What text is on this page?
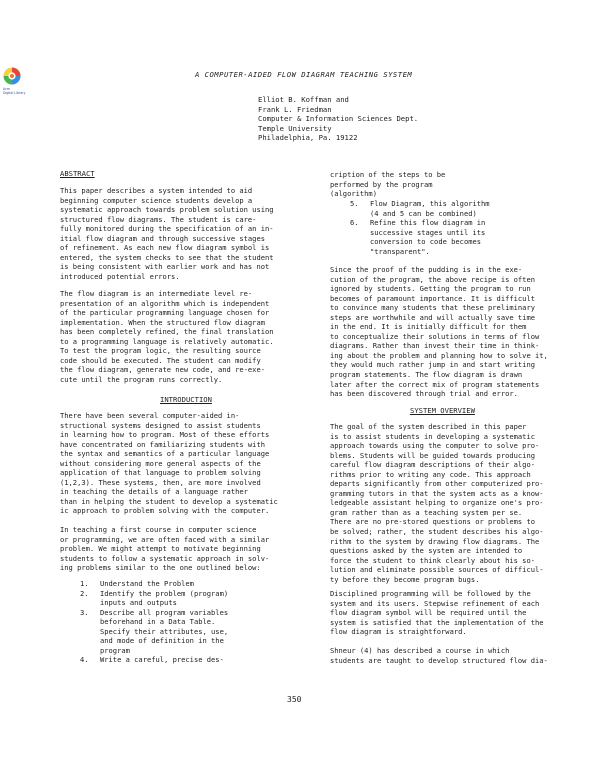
Acm
Digital Library
A COMPUTER-AIDED FLOW DIAGRAM TEACHING SYSTEM
Elliot B. Koffman and
Frank L. Friedman
Computer & Information Sciences Dept.
Temple University
Philadelphia, Pa. 19122
ABSTRACT
This paper describes a system intended to aid
beginning computer science students develop a
systematic approach towards problem solution using
structured flow diagrams. The student is care-
fully monitored during the specification of an in-
itial flow diagram and through successive stages
of refinement. As each new flow diagram symbol is
entered, the system checks to see that the student
is being consistent with earlier work and has not
introduced potential errors.
The flow diagram is an intermediate level re-
presentation of an algorithm which is independent
of the particular programming language chosen for
implementation. When the structured flow diagram
has been completely refined, the final translation
to a programming language is relatively automatic.
To test the program logic, the resulting source
code should be executed. The student can modify
the flow diagram, generate new code, and re-exe-
cute until the program runs correctly.
INTRODUCTION
There have been several computer-aided in-
structional systems designed to assist students
in learning how to program. Most of these efforts
have concentrated on familiarizing students with
the syntax and semantics of a particular language
without considering more general aspects of the
application of that language to problem solving
(1,2,3). These systems, then, are more involved
in teaching the details of a language rather
than in helping the student to develop a systematic
ic approach to problem solving with the computer.
In teaching a first course in computer science
or programming, we are often faced with a similar
problem. We might attempt to motivate beginning
students to follow a systematic approach in solv-
ing problems similar to the one outlined below:
1. Understand the Problem
2. Identify the problem (program)
inputs and outputs
3. Describe all program variables
beforehand in a Data Table.
Specify their attributes, use,
and mode of definition in the
program
4. Write a careful, precise des-
cription of the steps to be
performed by the program
(algorithm)
5. Flow Diagram, this algorithm
(4 and 5 can be combined)
6. Refine this flow diagram in
successive stages until its
conversion to code becomes
"transparent".
Since the proof of the pudding is in the exe-
cution of the program, the above recipe is often
ignored by students. Getting the program to run
becomes of paramount importance. It is difficult
to convince many students that these preliminary
steps are worthwhile and will actually save time
in the end. It is initially difficult for them
to conceptualize their solutions in terms of flow
diagrams. Rather than invest their time in think-
ing about the problem and planning how to solve it,
they would much rather jump in and start writing
program statements. The flow diagram is drawn
later after the correct mix of program statements
has been discovered through trial and error.
SYSTEM OVERVIEW
The goal of the system described in this paper
is to assist students in developing a systematic
approach towards using the computer to solve pro-
blems. Students will be guided towards producing
careful flow diagram descriptions of their algo-
rithms prior to writing any code. This approach
departs significantly from other computerized pro-
gramming tutors in that the system acts as a know-
ledgeable assistant helping to organize one's pro-
gram rather than as a teaching system per se.
There are no pre-stored questions or problems to
be solved; rather, the student describes his algo-
rithm to the system by drawing flow diagrams. The
questions asked by the system are intended to
force the student to think clearly about his so-
lution and eliminate possible sources of difficul-
ty before they become program bugs.
Disciplined programming will be followed by the
system and its users. Stepwise refinement of each
flow diagram symbol will be required until the
system is satisfied that the implementation of the
flow diagram is straightforward.
Shneur (4) has described a course in which
students are taught to develop structured flow dia-
350
